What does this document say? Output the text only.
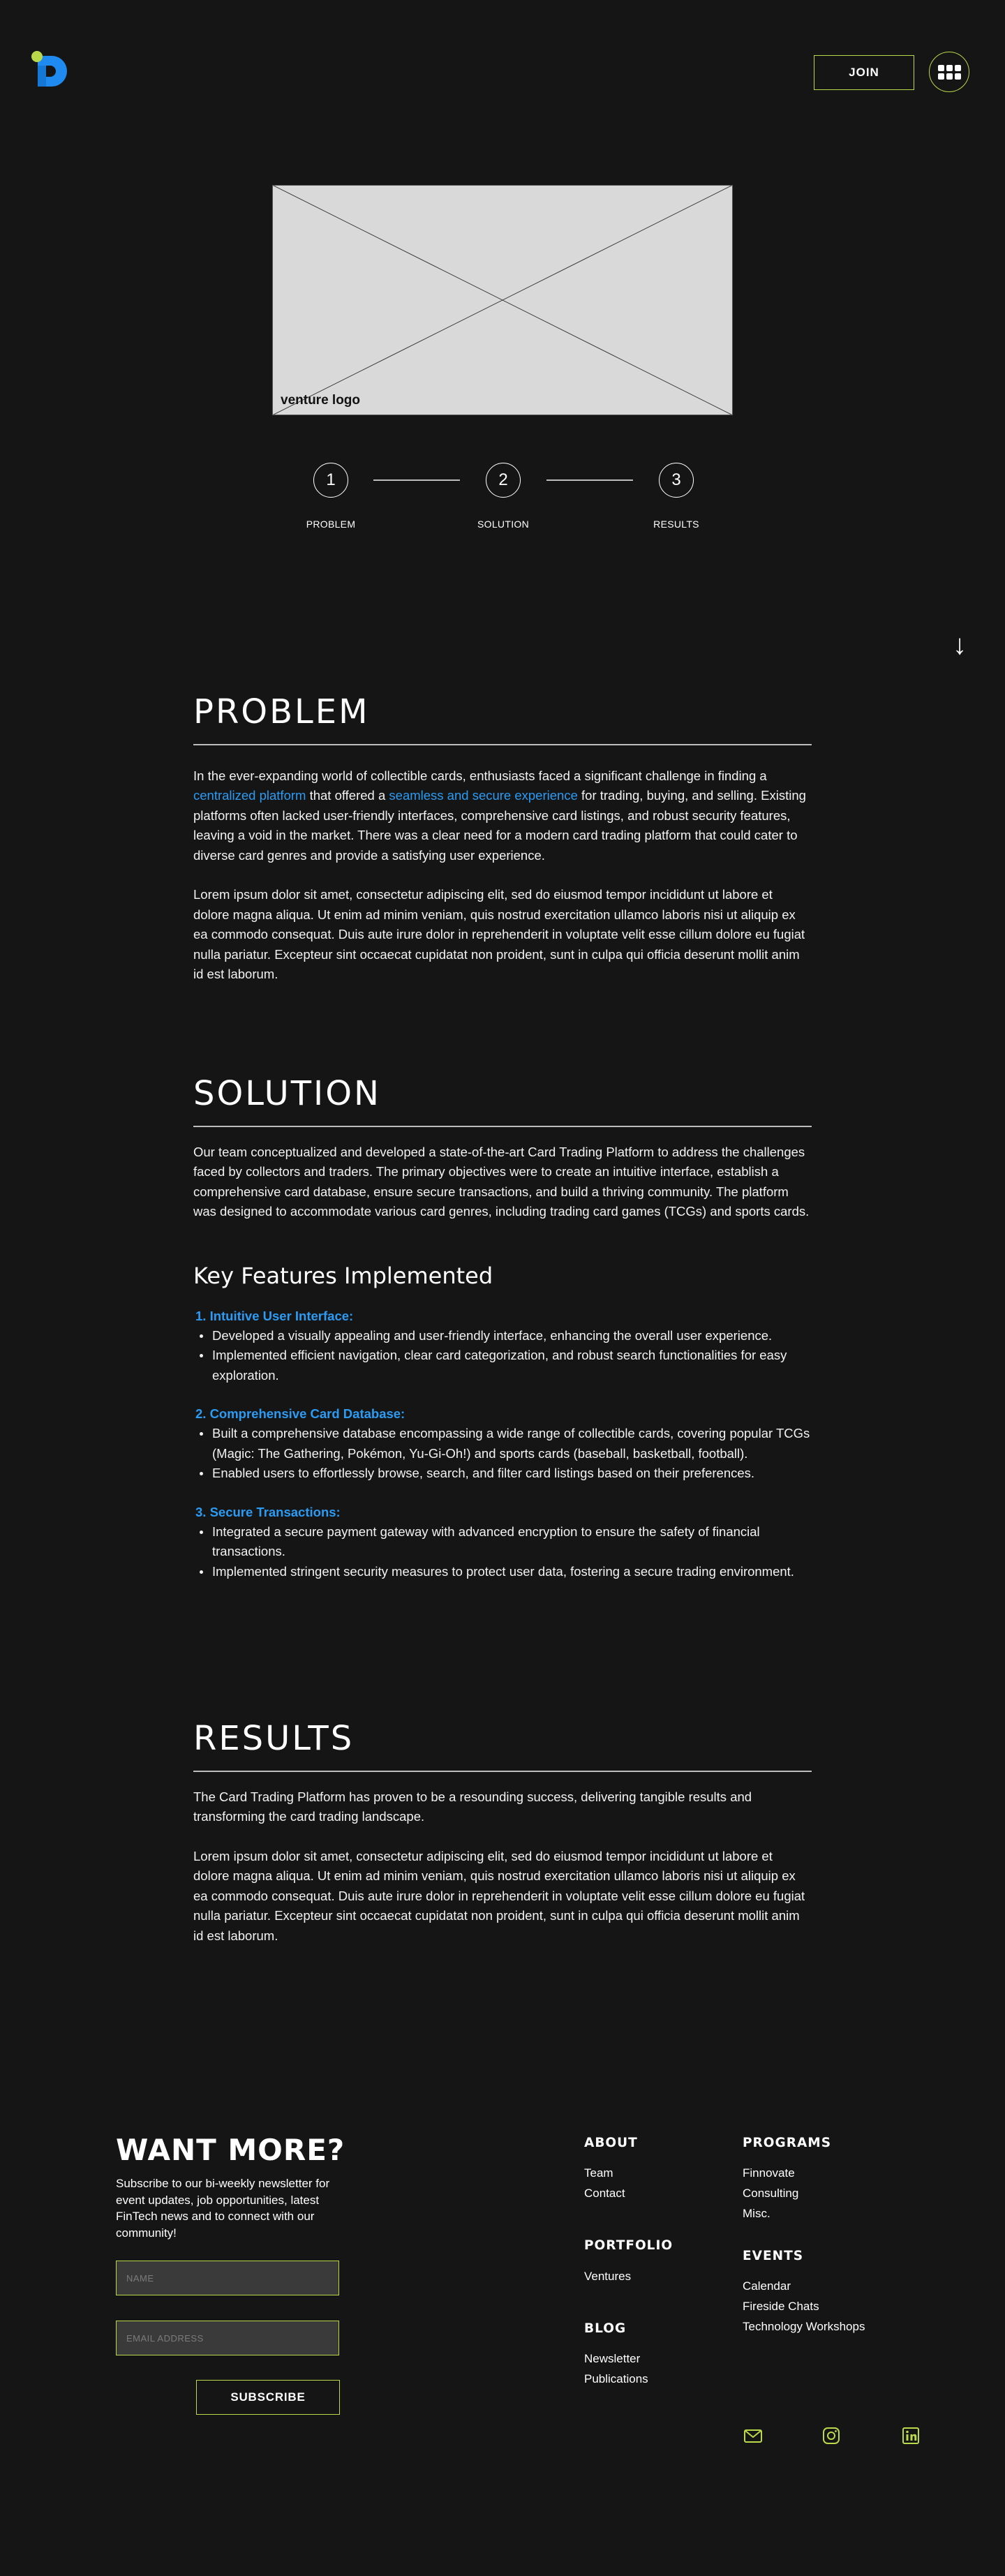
JOIN
venture logo
1	2	3
PROBLEM	SOLUTION	RESULTS
↓
PROBLEM

In the ever-expanding world of collectible cards, enthusiasts faced a significant challenge in finding a centralized platform that offered a seamless and secure experience for trading, buying, and selling. Existing platforms often lacked user-friendly interfaces, comprehensive card listings, and robust security features, leaving a void in the market. There was a clear need for a modern card trading platform that could cater to diverse card genres and provide a satisfying user experience.

Lorem ipsum dolor sit amet, consectetur adipiscing elit, sed do eiusmod tempor incididunt ut labore et dolore magna aliqua. Ut enim ad minim veniam, quis nostrud exercitation ullamco laboris nisi ut aliquip ex ea commodo consequat. Duis aute irure dolor in reprehenderit in voluptate velit esse cillum dolore eu fugiat nulla pariatur. Excepteur sint occaecat cupidatat non proident, sunt in culpa qui officia deserunt mollit anim id est laborum.

SOLUTION

Our team conceptualized and developed a state-of-the-art Card Trading Platform to address the challenges faced by collectors and traders. The primary objectives were to create an intuitive interface, establish a comprehensive card database, ensure secure transactions, and build a thriving community. The platform was designed to accommodate various card genres, including trading card games (TCGs) and sports cards.

Key Features Implemented
1. Intuitive User Interface:
Developed a visually appealing and user-friendly interface, enhancing the overall user experience.
Implemented efficient navigation, clear card categorization, and robust search functionalities for easy exploration.
2. Comprehensive Card Database:
Built a comprehensive database encompassing a wide range of collectible cards, covering popular TCGs (Magic: The Gathering, Pokémon, Yu-Gi-Oh!) and sports cards (baseball, basketball, football).
Enabled users to effortlessly browse, search, and filter card listings based on their preferences.
3. Secure Transactions:
Integrated a secure payment gateway with advanced encryption to ensure the safety of financial transactions.
Implemented stringent security measures to protect user data, fostering a secure trading environment.
RESULTS

The Card Trading Platform has proven to be a resounding success, delivering tangible results and transforming the card trading landscape.

Lorem ipsum dolor sit amet, consectetur adipiscing elit, sed do eiusmod tempor incididunt ut labore et dolore magna aliqua. Ut enim ad minim veniam, quis nostrud exercitation ullamco laboris nisi ut aliquip ex ea commodo consequat. Duis aute irure dolor in reprehenderit in voluptate velit esse cillum dolore eu fugiat nulla pariatur. Excepteur sint occaecat cupidatat non proident, sunt in culpa qui officia deserunt mollit anim id est laborum.

WANT MORE?
Subscribe to our bi-weekly newsletter for event updates, job opportunities, latest FinTech news and to connect with our community!
NAME
EMAIL ADDRESS
SUBSCRIBE
ABOUT
Team
Contact
PORTFOLIO
Ventures
BLOG
Newsletter
Publications
PROGRAMS
Finnovate
Consulting
Misc.
EVENTS
Calendar
Fireside Chats
Technology Workshops
